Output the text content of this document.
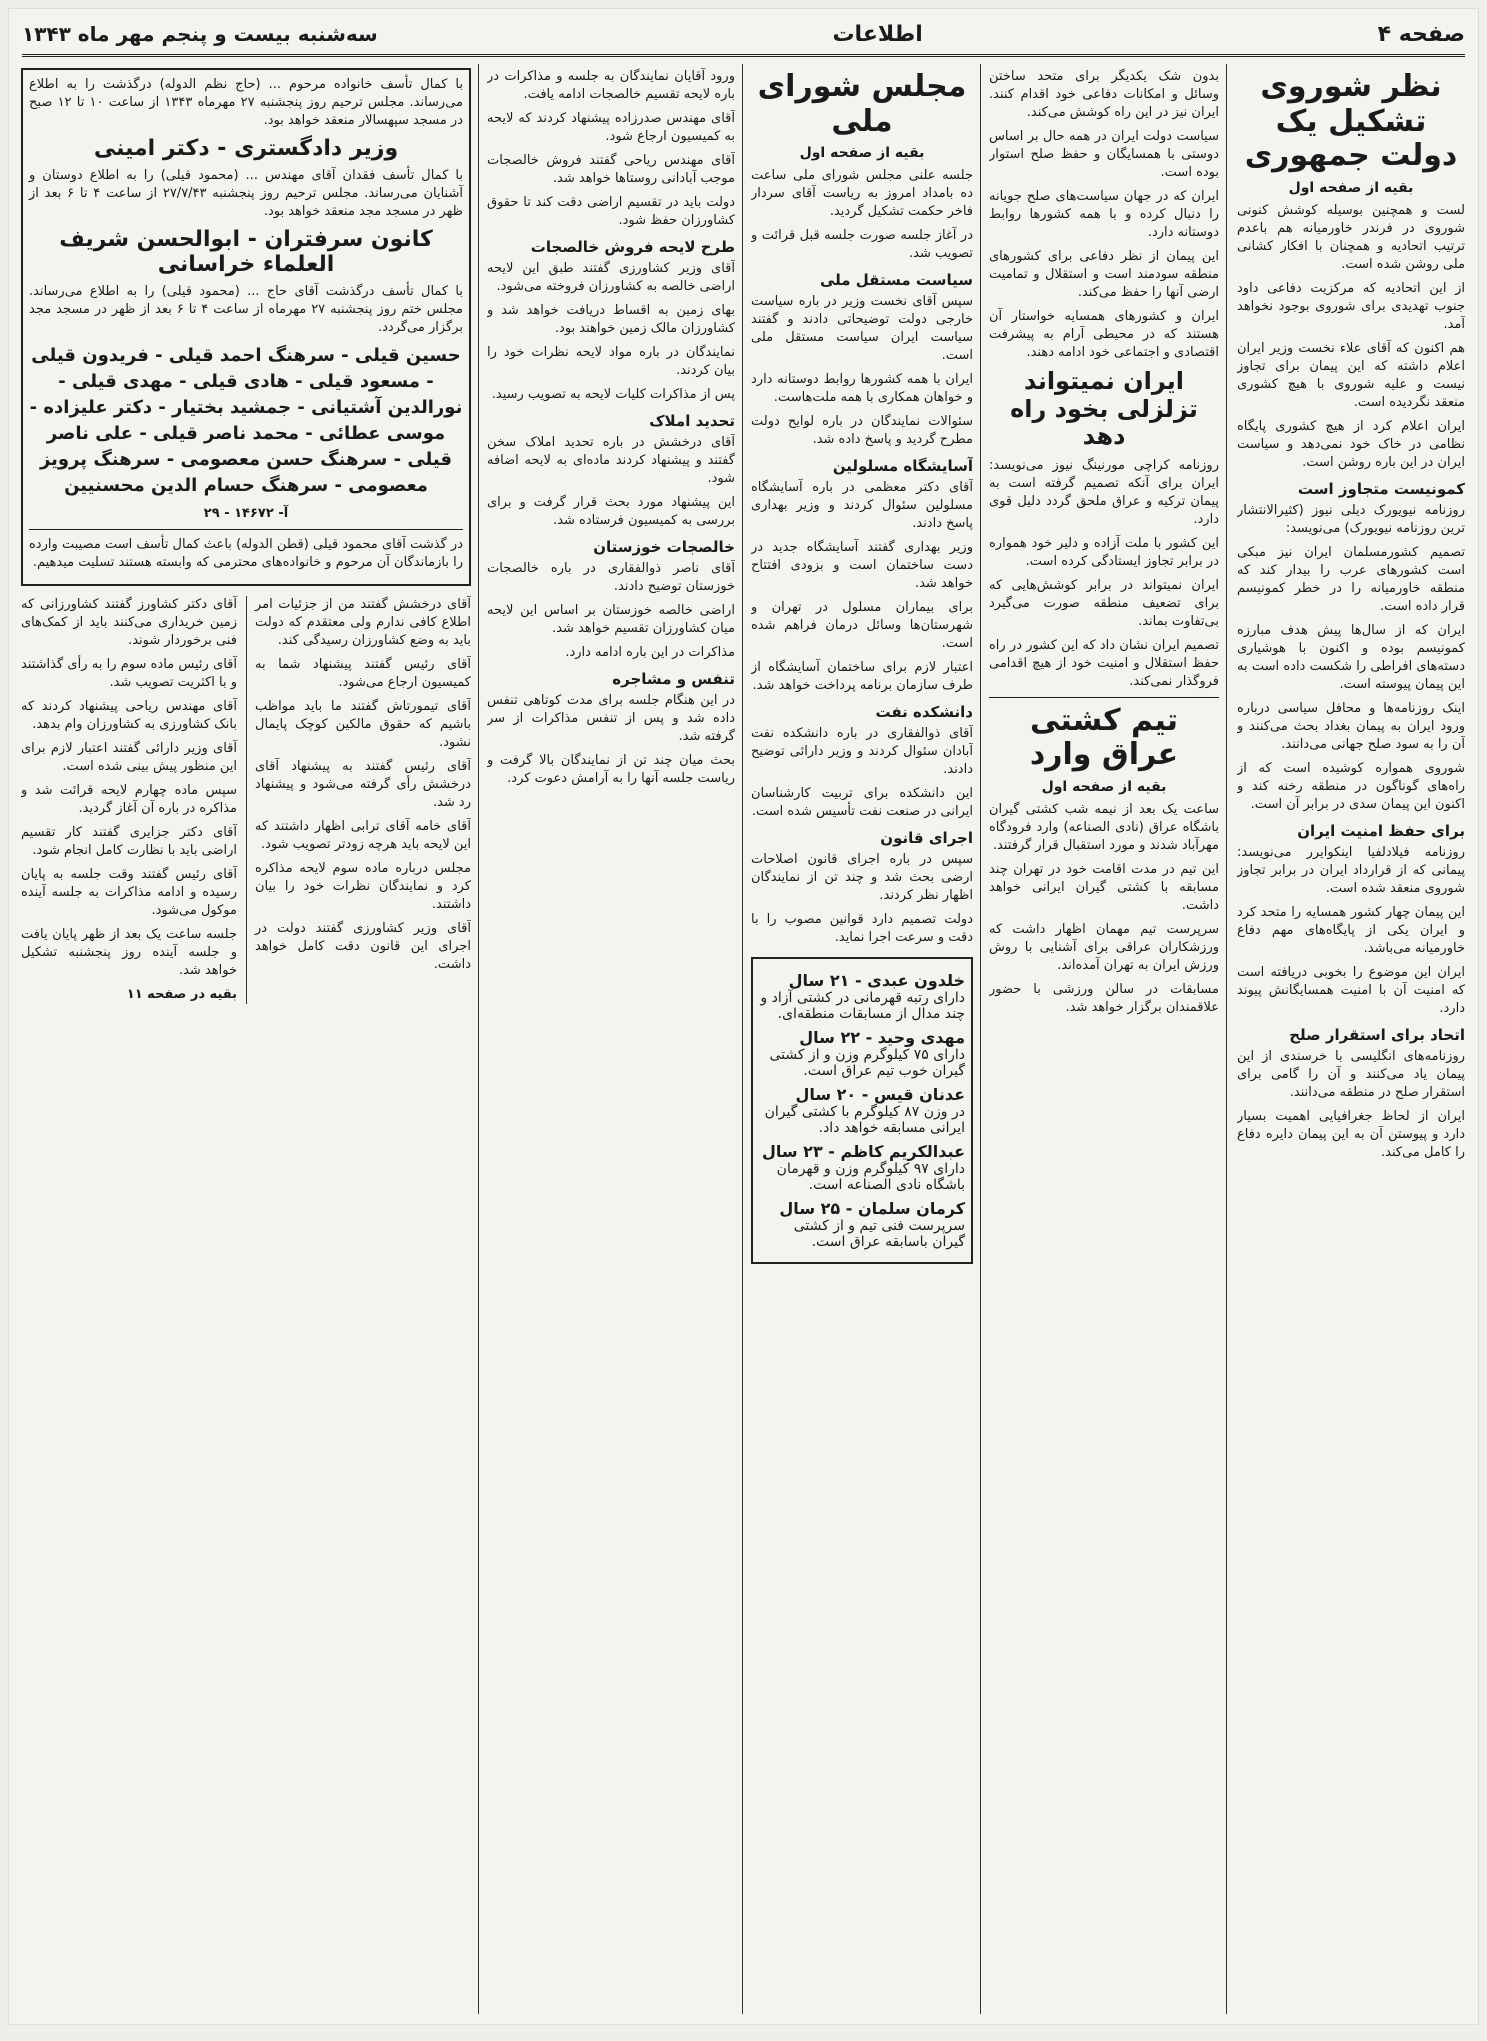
صفحه ۴
اطلاعات
سه‌شنبه بیست و پنجم مهر ماه ۱۳۴۳
نظر شوروی تشکیل یک دولت جمهوری
بقیه از صفحه اول

لست و همچنین بوسیله کوشش کنونی شوروی در فرندر خاورمیانه هم باعدم ترتیب اتحادیه و همچنان با افکار کشانی ملی روشن شده است.

از این اتحادیه که مرکزیت دفاعی داود جنوب تهدیدی برای شوروی بوجود نخواهد آمد.

هم اکنون که آقای علاء نخست وزیر ایران اعلام داشته که این پیمان برای تجاوز نیست و علیه شوروی با هیچ کشوری منعقد نگردیده است.

ایران اعلام کرد از هیچ کشوری پایگاه نظامی در خاک خود نمی‌دهد و سیاست ایران در این باره روشن است.

کمونیست متجاوز است

روزنامه نیویورک دیلی نیوز (کثیرالانتشار ترین روزنامه نیویورک) می‌نویسد:

تصمیم کشورمسلمان ایران نیز مبکی است کشورهای عرب را بیدار کند که منطقه خاورمیانه را در خطر کمونیسم قرار داده است.

ایران که از سال‌ها پیش هدف مبارزه کمونیسم بوده و اکنون با هوشیاری دسته‌های افراطی را شکست داده است به این پیمان پیوسته است.

اینک روزنامه‌ها و محافل سیاسی درباره ورود ایران به پیمان بغداد بحث می‌کنند و آن را به سود صلح جهانی می‌دانند.

شوروی همواره کوشیده است که از راه‌های گوناگون در منطقه رخنه کند و اکنون این پیمان سدی در برابر آن است.

برای حفظ امنیت ایران

روزنامه فیلادلفیا اینکوایرر می‌نویسد: پیمانی که از قرارداد ایران در برابر تجاوز شوروی منعقد شده است.

این پیمان چهار کشور همسایه را متحد کرد و ایران یکی از پایگاه‌های مهم دفاع خاورمیانه می‌باشد.

ایران این موضوع را بخوبی دریافته است که امنیت آن با امنیت همسایگانش پیوند دارد.

اتحاد برای استقرار صلح

روزنامه‌های انگلیسی با خرسندی از این پیمان یاد می‌کنند و آن را گامی برای استقرار صلح در منطقه می‌دانند.

ایران از لحاظ جغرافیایی اهمیت بسیار دارد و پیوستن آن به این پیمان دایره دفاع را کامل می‌کند.

بدون شک یکدیگر برای متحد ساختن وسائل و امکانات دفاعی خود اقدام کنند. ایران نیز در این راه کوشش می‌کند.

سیاست دولت ایران در همه حال بر اساس دوستی با همسایگان و حفظ صلح استوار بوده است.

ایران که در جهان سیاست‌های صلح جویانه را دنبال کرده و با همه کشورها روابط دوستانه دارد.

این پیمان از نظر دفاعی برای کشورهای منطقه سودمند است و استقلال و تمامیت ارضی آنها را حفظ می‌کند.

ایران و کشورهای همسایه خواستار آن هستند که در محیطی آرام به پیشرفت اقتصادی و اجتماعی خود ادامه دهند.

ایران نمیتواند تزلزلی بخود راه دهد

روزنامه کراچی مورنینگ نیوز می‌نویسد: ایران برای آنکه تصمیم گرفته است به پیمان ترکیه و عراق ملحق گردد دلیل قوی دارد.

این کشور با ملت آزاده و دلیر خود همواره در برابر تجاوز ایستادگی کرده است.

ایران نمیتواند در برابر کوشش‌هایی که برای تضعیف منطقه صورت می‌گیرد بی‌تفاوت بماند.

تصمیم ایران نشان داد که این کشور در راه حفظ استقلال و امنیت خود از هیچ اقدامی فروگذار نمی‌کند.

تیم کشتی عراق وارد
بقیه از صفحه اول

ساعت یک بعد از نیمه شب کشتی گیران باشگاه عراق (نادی الصناعه) وارد فرودگاه مهرآباد شدند و مورد استقبال قرار گرفتند.

این تیم در مدت اقامت خود در تهران چند مسابقه با کشتی گیران ایرانی خواهد داشت.

سرپرست تیم مهمان اظهار داشت که ورزشکاران عراقی برای آشنایی با روش ورزش ایران به تهران آمده‌اند.

مسابقات در سالن ورزشی با حضور علاقمندان برگزار خواهد شد.

مجلس شورای ملی
بقیه از صفحه اول

جلسه علنی مجلس شورای ملی ساعت ده بامداد امروز به ریاست آقای سردار فاخر حکمت تشکیل گردید.

در آغاز جلسه صورت جلسه قبل قرائت و تصویب شد.

سیاست مستقل ملی

سپس آقای نخست وزیر در باره سیاست خارجی دولت توضیحاتی دادند و گفتند سیاست ایران سیاست مستقل ملی است.

ایران با همه کشورها روابط دوستانه دارد و خواهان همکاری با همه ملت‌هاست.

سئوالات نمایندگان در باره لوایح دولت مطرح گردید و پاسخ داده شد.

آسایشگاه مسلولین

آقای دکتر معظمی در باره آسایشگاه مسلولین سئوال کردند و وزیر بهداری پاسخ دادند.

وزیر بهداری گفتند آسایشگاه جدید در دست ساختمان است و بزودی افتتاح خواهد شد.

برای بیماران مسلول در تهران و شهرستان‌ها وسائل درمان فراهم شده است.

اعتبار لازم برای ساختمان آسایشگاه از طرف سازمان برنامه پرداخت خواهد شد.

دانشکده نفت

آقای ذوالفقاری در باره دانشکده نفت آبادان سئوال کردند و وزیر دارائی توضیح دادند.

این دانشکده برای تربیت کارشناسان ایرانی در صنعت نفت تأسیس شده است.

اجرای قانون

سپس در باره اجرای قانون اصلاحات ارضی بحث شد و چند تن از نمایندگان اظهار نظر کردند.

دولت تصمیم دارد قوانین مصوب را با دقت و سرعت اجرا نماید.

خلدون عبدی - ۲۱ سال
دارای رتبه قهرمانی در کشتی آزاد و چند مدال از مسابقات منطقه‌ای.
مهدی وحید - ۲۲ سال
دارای ۷۵ کیلوگرم وزن و از کشتی گیران خوب تیم عراق است.
عدنان قیس - ۲۰ سال
در وزن ۸۷ کیلوگرم با کشتی گیران ایرانی مسابقه خواهد داد.
عبدالکریم کاظم - ۲۳ سال
دارای ۹۷ کیلوگرم وزن و قهرمان باشگاه نادی الصناعه است.
کرمان سلمان - ۲۵ سال
سرپرست فنی تیم و از کشتی گیران باسابقه عراق است.

ورود آقایان نمایندگان به جلسه و مذاکرات در باره لایحه تقسیم خالصجات ادامه یافت.

آقای مهندس صدرزاده پیشنهاد کردند که لایحه به کمیسیون ارجاع شود.

آقای مهندس ریاحی گفتند فروش خالصجات موجب آبادانی روستاها خواهد شد.

دولت باید در تقسیم اراضی دقت کند تا حقوق کشاورزان حفظ شود.

طرح لایحه فروش خالصجات

آقای وزیر کشاورزی گفتند طبق این لایحه اراضی خالصه به کشاورزان فروخته می‌شود.

بهای زمین به اقساط دریافت خواهد شد و کشاورزان مالک زمین خواهند بود.

نمایندگان در باره مواد لایحه نظرات خود را بیان کردند.

پس از مذاکرات کلیات لایحه به تصویب رسید.

تحدید املاک

آقای درخشش در باره تحدید املاک سخن گفتند و پیشنهاد کردند ماده‌ای به لایحه اضافه شود.

این پیشنهاد مورد بحث قرار گرفت و برای بررسی به کمیسیون فرستاده شد.

خالصجات خوزستان

آقای ناصر ذوالفقاری در باره خالصجات خوزستان توضیح دادند.

اراضی خالصه خوزستان بر اساس این لایحه میان کشاورزان تقسیم خواهد شد.

مذاکرات در این باره ادامه دارد.

تنفس و مشاجره

در این هنگام جلسه برای مدت کوتاهی تنفس داده شد و پس از تنفس مذاکرات از سر گرفته شد.

بحث میان چند تن از نمایندگان بالا گرفت و ریاست جلسه آنها را به آرامش دعوت کرد.

با کمال تأسف خانواده مرحوم ... (حاج نظم الدوله) درگذشت را به اطلاع می‌رساند. مجلس ترحیم روز پنجشنبه ۲۷ مهرماه ۱۳۴۳ از ساعت ۱۰ تا ۱۲ صبح در مسجد سپهسالار منعقد خواهد بود.

وزیر دادگستری - دکتر امینی

با کمال تأسف فقدان آقای مهندس ... (محمود قیلی) را به اطلاع دوستان و آشنایان می‌رساند. مجلس ترحیم روز پنجشنبه ۲۷/۷/۴۳ از ساعت ۴ تا ۶ بعد از ظهر در مسجد مجد منعقد خواهد بود.

کانون سرفتران - ابوالحسن شریف العلماء خراسانی

با کمال تأسف درگذشت آقای حاج ... (محمود قیلی) را به اطلاع می‌رساند. مجلس ختم روز پنجشنبه ۲۷ مهرماه از ساعت ۴ تا ۶ بعد از ظهر در مسجد مجد برگزار می‌گردد.

حسین قیلی - سرهنگ احمد قیلی - فریدون قیلی - مسعود قیلی - هادی قیلی - مهدی قیلی - نورالدین آشتیانی - جمشید بختیار - دکتر علیزاده - موسی عطائی - محمد ناصر قیلی - علی ناصر قیلی - سرهنگ حسن معصومی - سرهنگ پرویز معصومی - سرهنگ حسام الدین محسنیین

آ- ۱۴۶۷۲ - ۲۹

در گذشت آقای محمود قیلی (قطن الدوله) باعث کمال تأسف است مصیبت وارده را بازماندگان آن مرحوم و خانواده‌های محترمی که وابسته هستند تسلیت میدهیم.

آقای درخشش گفتند من از جزئیات امر اطلاع کافی ندارم ولی معتقدم که دولت باید به وضع کشاورزان رسیدگی کند.

آقای رئیس گفتند پیشنهاد شما به کمیسیون ارجاع می‌شود.

آقای تیمورتاش گفتند ما باید مواظب باشیم که حقوق مالکین کوچک پایمال نشود.

آقای رئیس گفتند به پیشنهاد آقای درخشش رأی گرفته می‌شود و پیشنهاد رد شد.

آقای خامه آقای ترابی اظهار داشتند که این لایحه باید هرچه زودتر تصویب شود.

مجلس درباره ماده سوم لایحه مذاکره کرد و نمایندگان نظرات خود را بیان داشتند.

آقای وزیر کشاورزی گفتند دولت در اجرای این قانون دقت کامل خواهد داشت.

آقای دکتر کشاورز گفتند کشاورزانی که زمین خریداری می‌کنند باید از کمک‌های فنی برخوردار شوند.

آقای رئیس ماده سوم را به رأی گذاشتند و با اکثریت تصویب شد.

آقای مهندس ریاحی پیشنهاد کردند که بانک کشاورزی به کشاورزان وام بدهد.

آقای وزیر دارائی گفتند اعتبار لازم برای این منظور پیش بینی شده است.

سپس ماده چهارم لایحه قرائت شد و مذاکره در باره آن آغاز گردید.

آقای دکتر جزایری گفتند کار تقسیم اراضی باید با نظارت کامل انجام شود.

آقای رئیس گفتند وقت جلسه به پایان رسیده و ادامه مذاکرات به جلسه آینده موکول می‌شود.

جلسه ساعت یک بعد از ظهر پایان یافت و جلسه آینده روز پنجشنبه تشکیل خواهد شد.

بقیه در صفحه ۱۱
